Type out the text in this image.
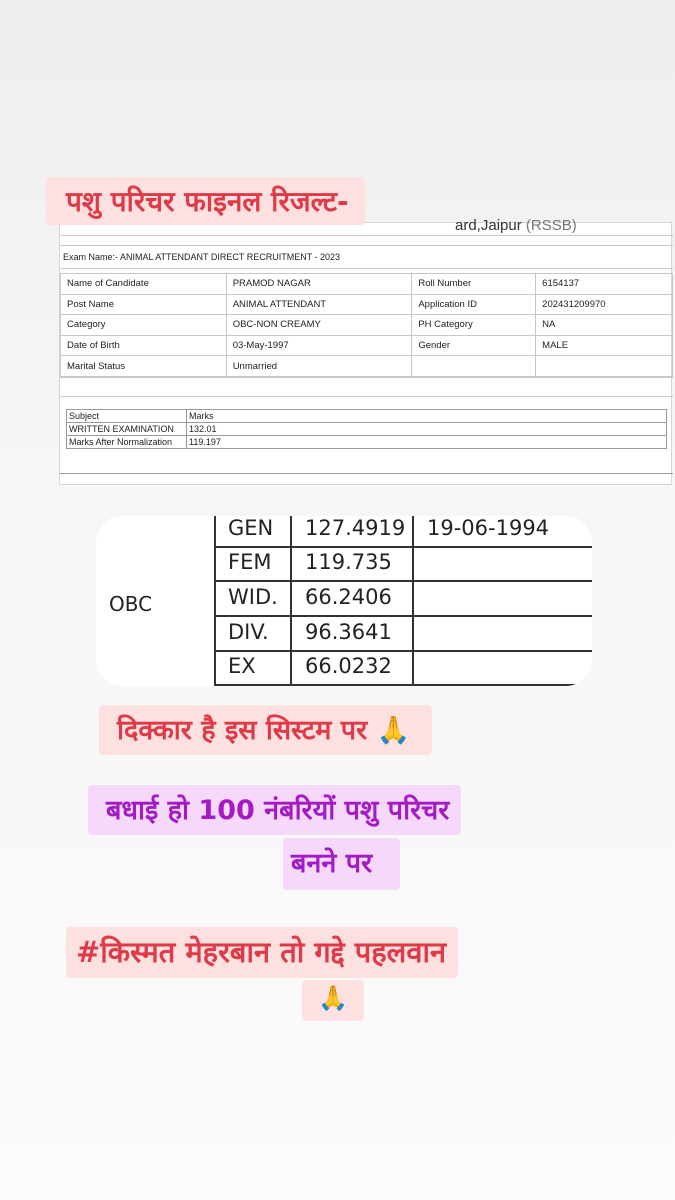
पशु परिचर फाइनल रिजल्ट-
ard,Jaipur (RSSB)
Exam Name:- ANIMAL ATTENDANT DIRECT RECRUITMENT - 2023
Name of Candidate	PRAMOD NAGAR	Roll Number	6154137
Post Name	ANIMAL ATTENDANT	Application ID	202431209970
Category	OBC-NON CREAMY	PH Category	NA
Date of Birth	03-May-1997	Gender	MALE
Marital Status	Unmarried		
Subject	Marks
WRITTEN EXAMINATION	132.01
Marks After Normalization	119.197
OBC
GEN 127.4919 19-06-1994
FEM 119.735
WID. 66.2406
DIV. 96.3641
EX 66.0232
दिक्कार है इस सिस्टम पर 🙏
बधाई हो 100 नंबरियों पशु परिचर
बनने पर
#किस्मत मेहरबान तो गद्दे पहलवान
🙏
